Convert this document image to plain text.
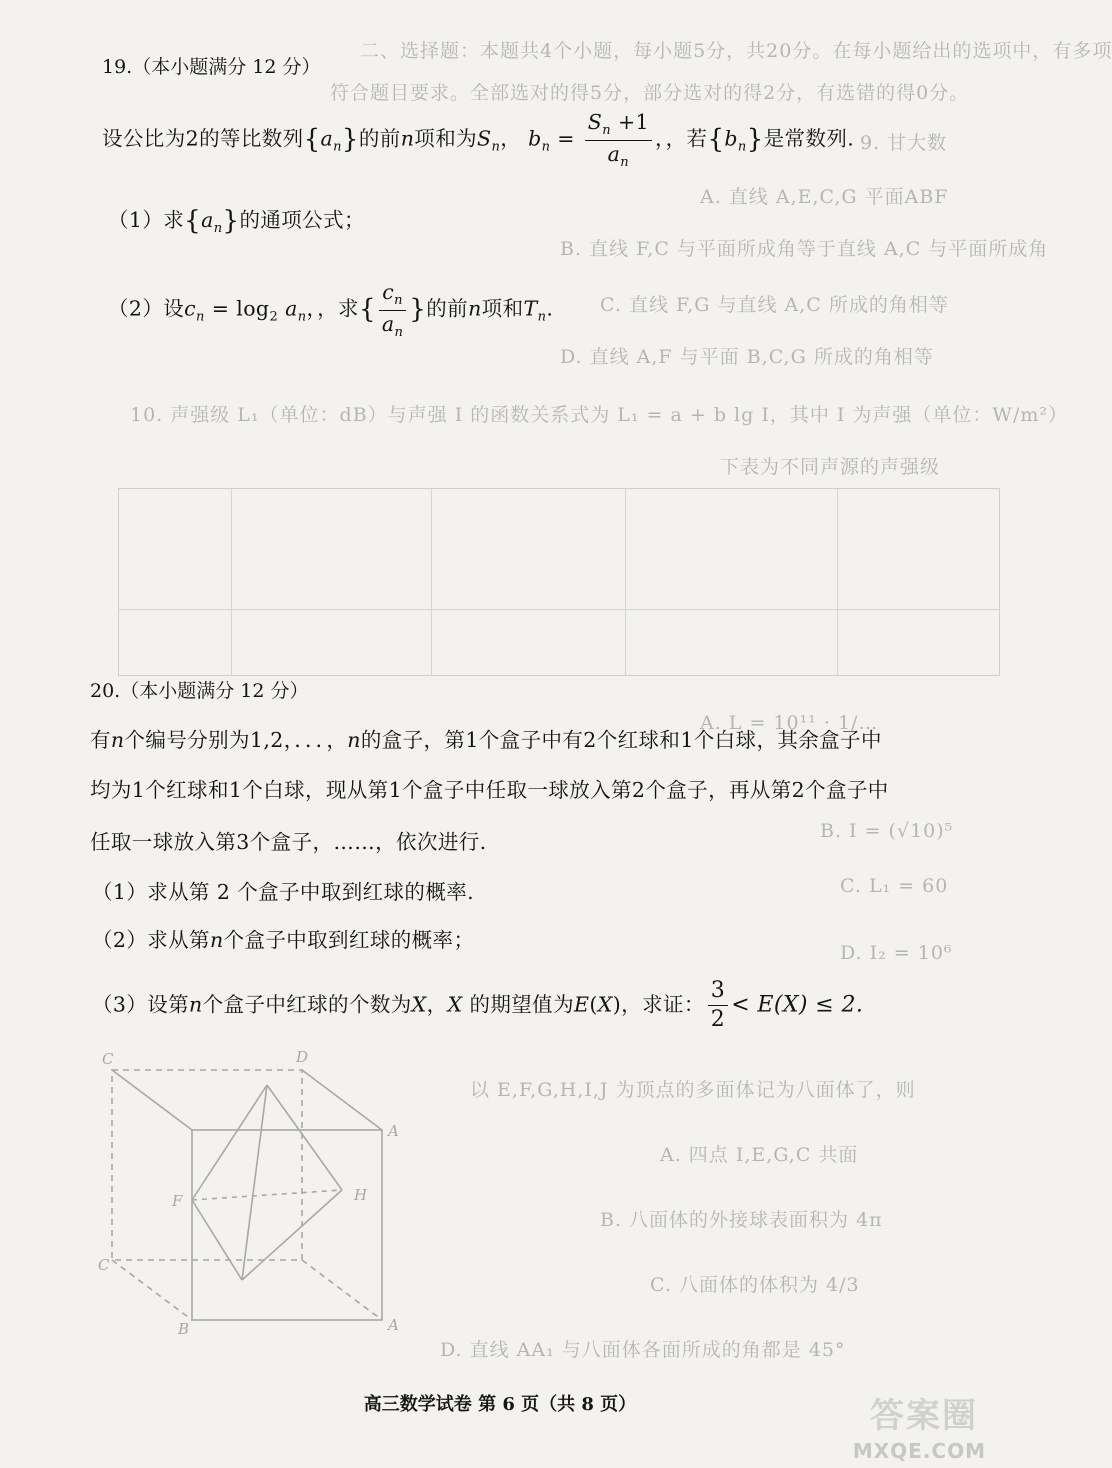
二、选择题：本题共4个小题，每小题5分，共20分。在每小题给出的选项中，有多项
符合题目要求。全部选对的得5分，部分选对的得2分，有选错的得0分。
9. 甘大数
A. 直线 A,E,C,G 平面ABF
B. 直线 F,C 与平面所成角等于直线 A,C 与平面所成角
C. 直线 F,G 与直线 A,C 所成的角相等
D. 直线 A,F 与平面 B,C,G 所成的角相等
10. 声强级 L₁（单位：dB）与声强 I 的函数关系式为 L₁ = a + b lg I，其中 I 为声强（单位：W/m²）
下表为不同声源的声强级
A. L = 10¹¹ · 1/…
B. I = (√10)⁵
C. L₁ = 60
D. I₂ = 10⁶
以 E,F,G,H,I,J 为顶点的多面体记为八面体了，则
A. 四点 I,E,G,C 共面
B. 八面体的外接球表面积为 4π
C. 八面体的体积为 4/3
D. 直线 AA₁ 与八面体各面所成的角都是 45°
C	D
A
B	A
C
H
F
19.（本小题满分 12 分）
设公比为2的等比数列$\{a_n\}$的前n项和为$S_n$， $b_n = \frac{S_n +1}{a_n}$ ，，若$\{b_n\}$是常数列.
（1）求$\{a_n\}$的通项公式；
（2）设$c_n = \log_2 a_n$，，求{ $\frac{c_n}{a_n}$ }的前n项和$T_n$.
20.（本小题满分 12 分）
有n个编号分别为1,2，．．．，n的盒子，第1个盒子中有2个红球和1个白球，其余盒子中
均为1个红球和1个白球，现从第1个盒子中任取一球放入第2个盒子，再从第2个盒子中
任取一球放入第3个盒子，……，依次进行.
（1）求从第 2 个盒子中取到红球的概率.
（2）求从第n个盒子中取到红球的概率；
（3）设第n个盒子中红球的个数为X，X 的期望值为E(X)，求证： $\frac{3}{2} < E(X) \le 2$.
高三数学试卷 第 6 页（共 8 页）	答案圈
MXQE.COM
